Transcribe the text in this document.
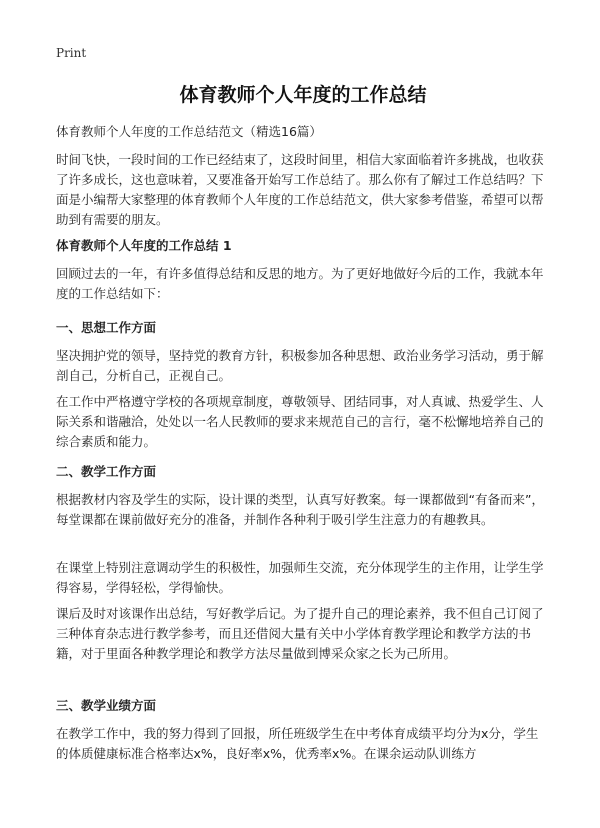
Print
体育教师个人年度的工作总结
体育教师个人年度的工作总结范文（精选16篇）

时间飞快，一段时间的工作已经结束了，这段时间里，相信大家面临着许多挑战，也收获了许多成长，这也意味着，又要准备开始写工作总结了。那么你有了解过工作总结吗？下面是小编帮大家整理的体育教师个人年度的工作总结范文，供大家参考借鉴，希望可以帮助到有需要的朋友。

体育教师个人年度的工作总结 1

回顾过去的一年，有许多值得总结和反思的地方。为了更好地做好今后的工作，我就本年度的工作总结如下：

一、思想工作方面

坚决拥护党的领导，坚持党的教育方针，积极参加各种思想、政治业务学习活动，勇于解剖自己，分析自己，正视自己。

在工作中严格遵守学校的各项规章制度，尊敬领导、团结同事，对人真诚、热爱学生、人际关系和谐融洽，处处以一名人民教师的要求来规范自己的言行，毫不松懈地培养自己的综合素质和能力。

二、教学工作方面

根据教材内容及学生的实际，设计课的类型，认真写好教案。每一课都做到“有备而来”，每堂课都在课前做好充分的准备，并制作各种利于吸引学生注意力的有趣教具。

在课堂上特别注意调动学生的积极性，加强师生交流，充分体现学生的主作用，让学生学得容易，学得轻松，学得愉快。

课后及时对该课作出总结，写好教学后记。为了提升自己的理论素养，我不但自己订阅了三种体育杂志进行教学参考，而且还借阅大量有关中小学体育教学理论和教学方法的书籍，对于里面各种教学理论和教学方法尽量做到博采众家之长为己所用。

三、教学业绩方面

在教学工作中，我的努力得到了回报，所任班级学生在中考体育成绩平均分为x分，学生的体质健康标准合格率达x%，良好率x%，优秀率x%。在课余运动队训练方
